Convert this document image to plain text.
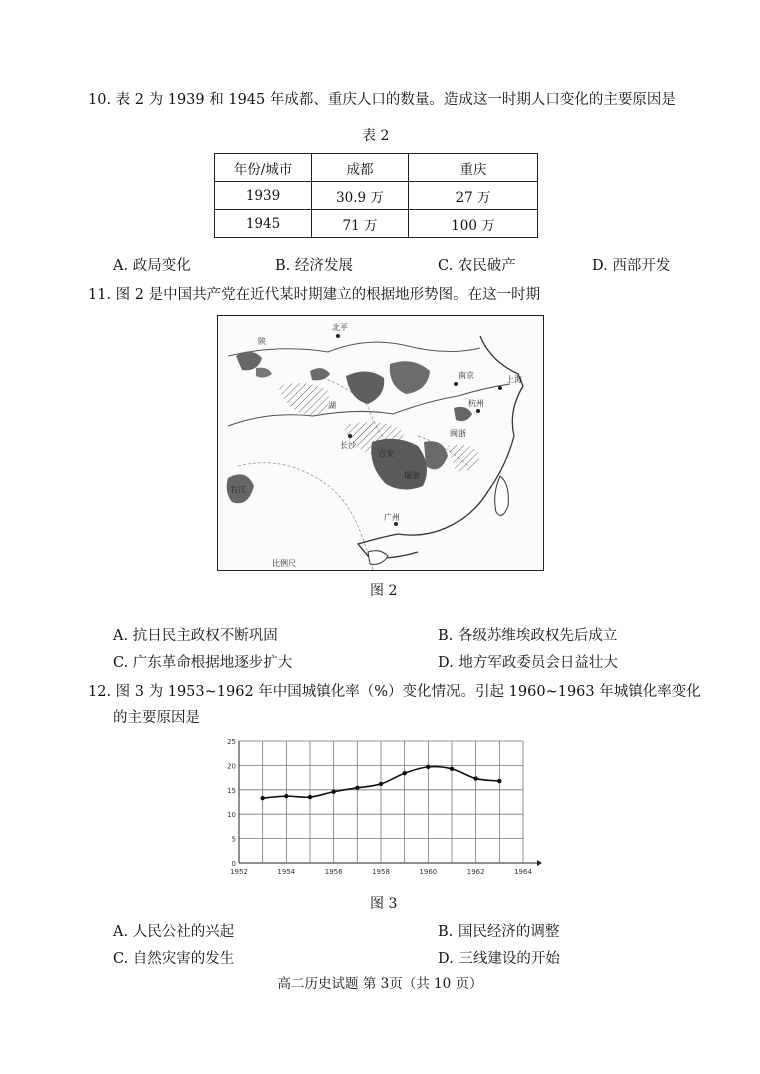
10. 表 2 为 1939 和 1945 年成都、重庆人口的数量。造成这一时期人口变化的主要原因是
表 2
年份/城市	成都	重庆
1939	30.9 万	27 万
1945	71 万	100 万
A. 政局变化	B. 经济发展	C. 农民破产	D. 西部开发
11. 图 2 是中国共产党在近代某时期建立的根据地形势图。在这一时期
北平
陕
湖
南京	上海
杭州
长沙
广州
吉安
瑞金
闽浙
右江
比例尺
图 2
A. 抗日民主政权不断巩固	B. 各级苏维埃政权先后成立
C. 广东革命根据地逐步扩大	D. 地方军政委员会日益壮大
12. 图 3 为 1953~1962 年中国城镇化率（%）变化情况。引起 1960~1963 年城镇化率变化
的主要原因是
0
5
10
15
20
25
1952	1954	1956	1958	1960	1962	1964
图 3
A. 人民公社的兴起	B. 国民经济的调整
C. 自然灾害的发生	D. 三线建设的开始
高二历史试题 第 3页（共 10 页）
